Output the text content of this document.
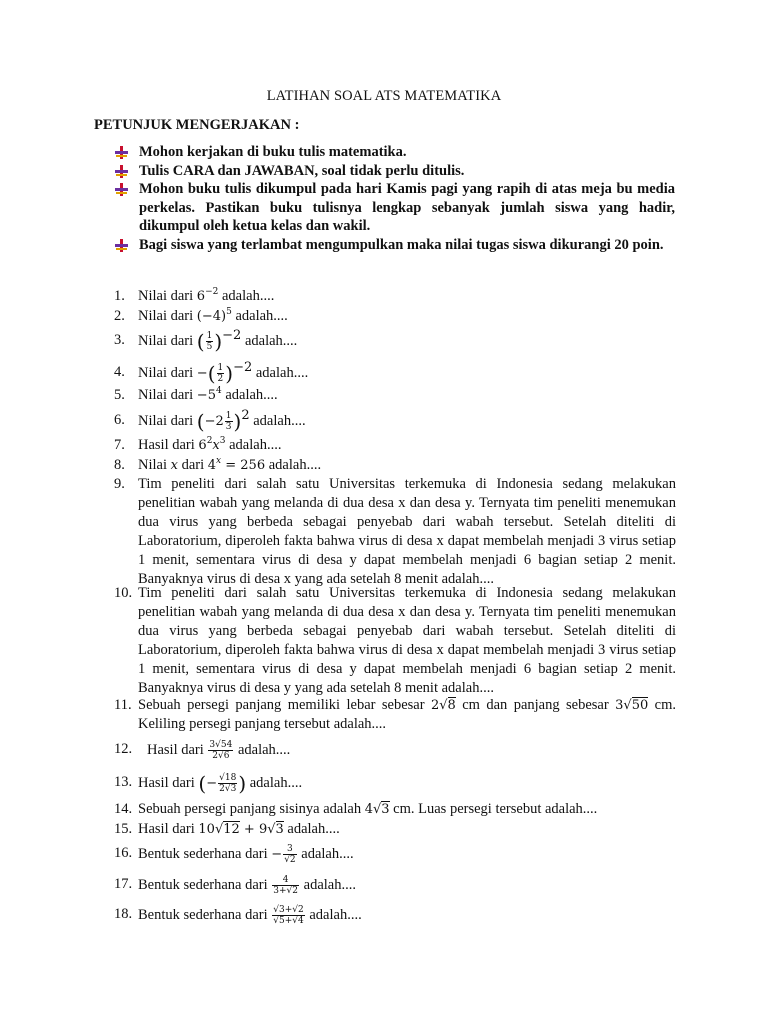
LATIHAN SOAL ATS MATEMATIKA
PETUNJUK MENGERJAKAN :
Mohon kerjakan di buku tulis matematika.
Tulis CARA dan JAWABAN, soal tidak perlu ditulis.
Mohon buku tulis dikumpul pada hari Kamis pagi yang rapih di atas meja bu media perkelas. Pastikan buku tulisnya lengkap sebanyak jumlah siswa yang hadir, dikumpul oleh ketua kelas dan wakil.
Bagi siswa yang terlambat mengumpulkan maka nilai tugas siswa dikurangi 20 poin.
1. Nilai dari $6^{-2}$ adalah....
2. Nilai dari $(-4)^5$ adalah....
3. Nilai dari ( $\frac{1}{5} )^{-2}$ adalah....
4. Nilai dari −( $\frac{1}{2} )^{-2}$ adalah....
5. Nilai dari $-5^4$ adalah....
6. Nilai dari $(-2 \frac{1}{3} )^2$ adalah....
7. Hasil dari $6^2x^3$ adalah....
8. Nilai x dari $4^x = 256$ adalah....
9. Tim peneliti dari salah satu Universitas terkemuka di Indonesia sedang melakukan penelitian wabah yang melanda di dua desa x dan desa y. Ternyata tim peneliti menemukan dua virus yang berbeda sebagai penyebab dari wabah tersebut. Setelah diteliti di Laboratorium, diperoleh fakta bahwa virus di desa x dapat membelah menjadi 3 virus setiap 1 menit, sementara virus di desa y dapat membelah menjadi 6 bagian setiap 2 menit. Banyaknya virus di desa x yang ada setelah 8 menit adalah....
10. Tim peneliti dari salah satu Universitas terkemuka di Indonesia sedang melakukan penelitian wabah yang melanda di dua desa x dan desa y. Ternyata tim peneliti menemukan dua virus yang berbeda sebagai penyebab dari wabah tersebut. Setelah diteliti di Laboratorium, diperoleh fakta bahwa virus di desa x dapat membelah menjadi 3 virus setiap 1 menit, sementara virus di desa y dapat membelah menjadi 6 bagian setiap 2 menit. Banyaknya virus di desa y yang ada setelah 8 menit adalah....
11. Sebuah persegi panjang memiliki lebar sebesar 2√8 cm dan panjang sebesar 3√50 cm. Keliling persegi panjang tersebut adalah....
12.	Hasil dari $\frac{3√54}{2√6}$ adalah....
13. Hasil dari (− $\frac{√18}{2√3}$ ) adalah....
14. Sebuah persegi panjang sisinya adalah 4√3 cm. Luas persegi tersebut adalah....
15. Hasil dari 10√12 + 9√3 adalah....
16. Bentuk sederhana dari − $\frac{3}{√2}$ adalah....
17. Bentuk sederhana dari $\frac{4}{3+√2}$ adalah....
18. Bentuk sederhana dari $\frac{√3+√2}{√5+√4}$ adalah....
